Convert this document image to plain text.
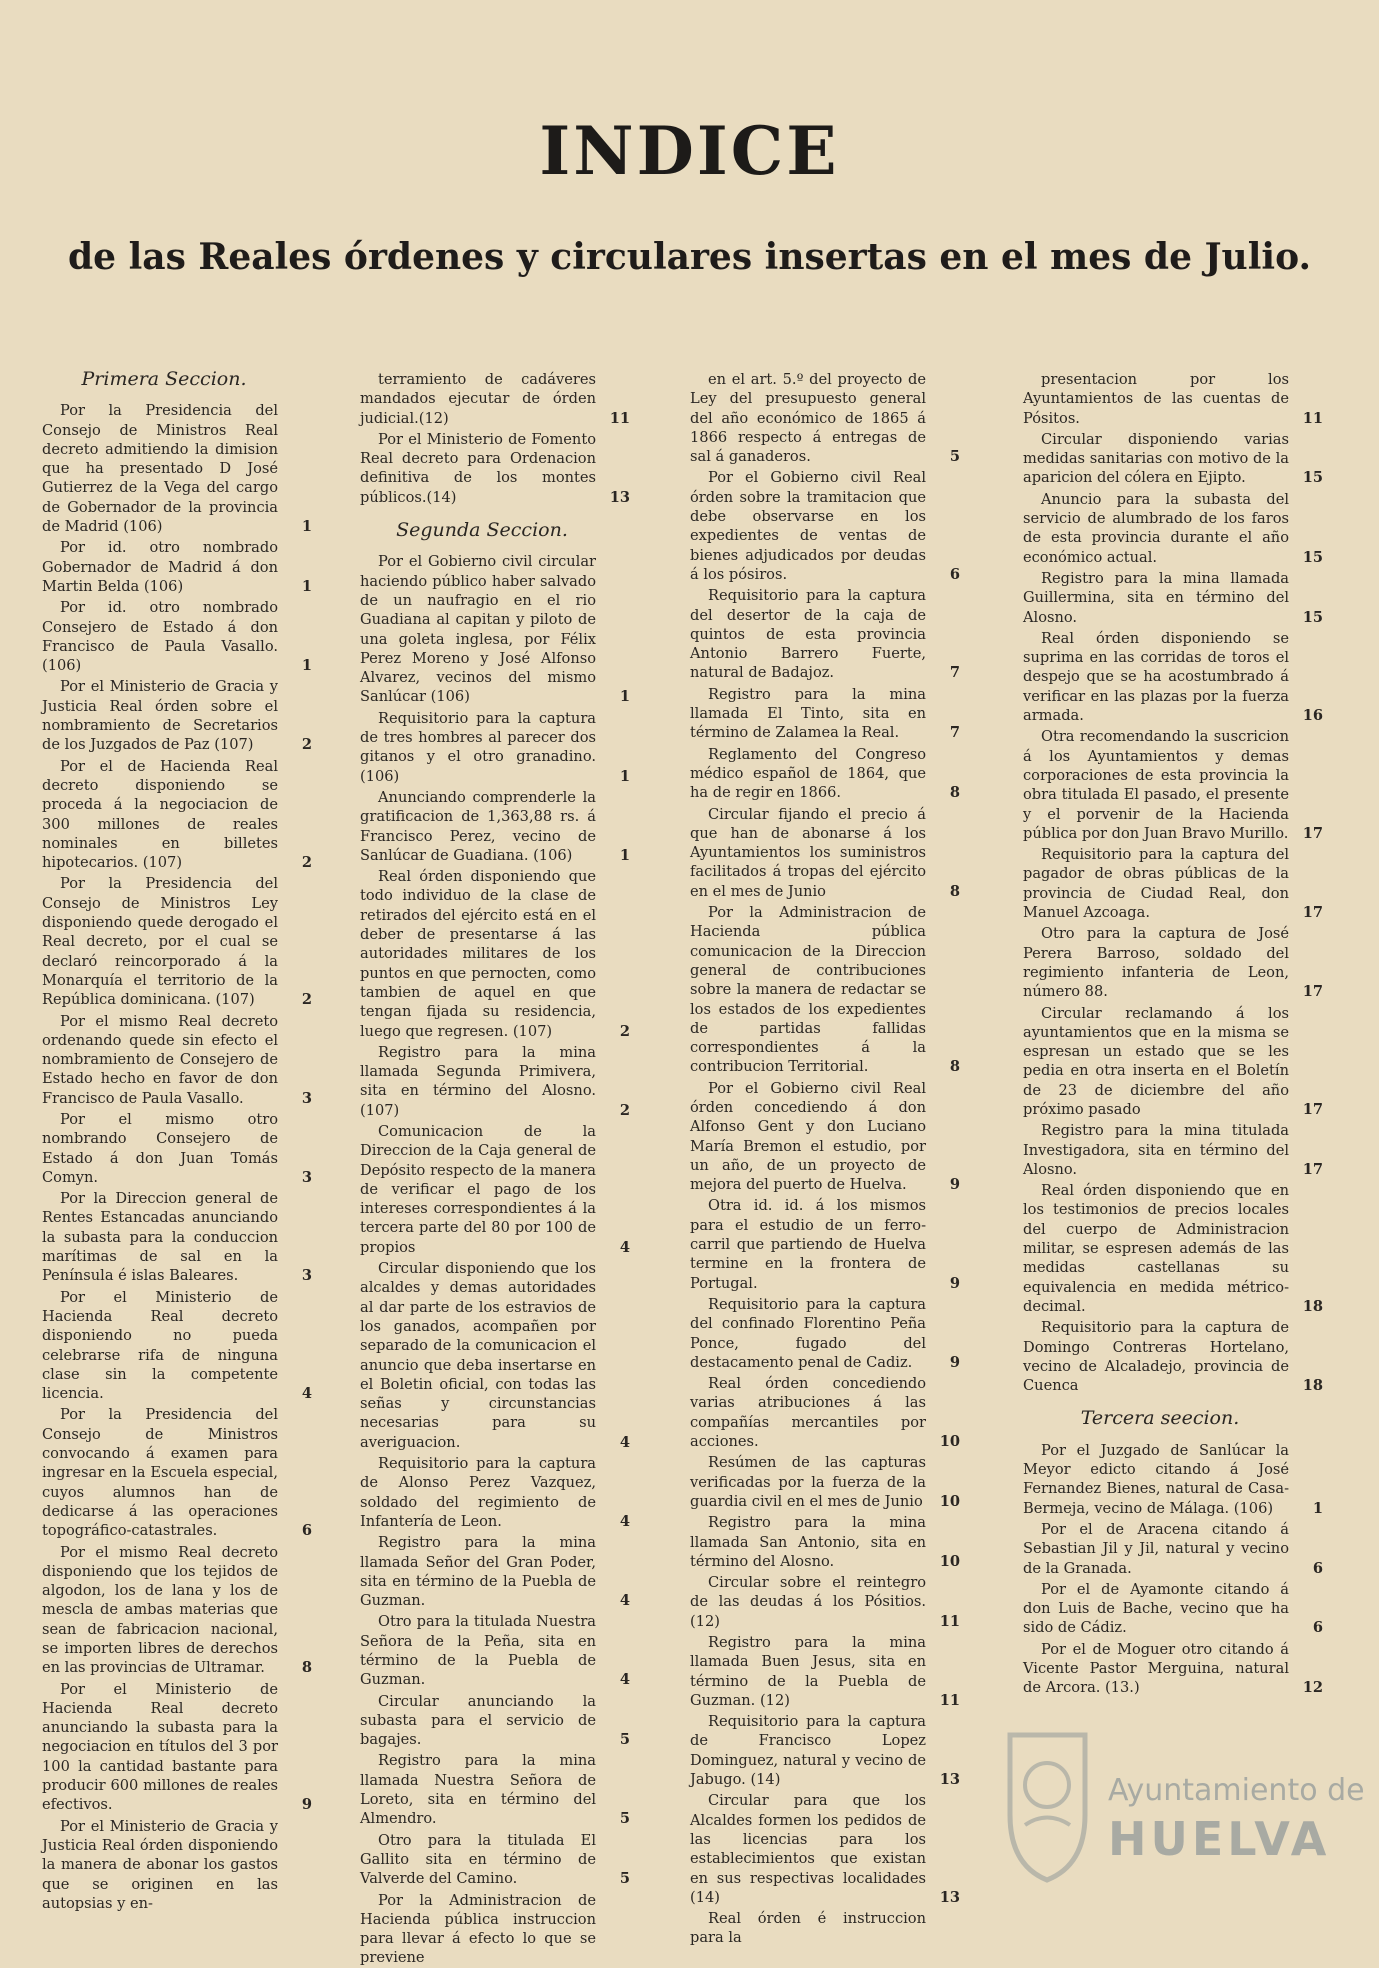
INDICE
de las Reales órdenes y circulares insertas en el mes de Julio.
Primera Seccion.

Por la Presidencia del Consejo de Ministros Real decreto admitiendo la dimision que ha presentado D José Gutierrez de la Vega del cargo de Gobernador de la provincia de Madrid (106)	1

Por id. otro nombrado Gobernador de Madrid á don Martin Belda (106)	1

Por id. otro nombrado Consejero de Estado á don Francisco de Paula Vasallo. (106)	1

Por el Ministerio de Gracia y Justicia Real órden sobre el nombramiento de Secretarios de los Juzgados de Paz (107)	2

Por el de Hacienda Real decreto disponiendo se proceda á la negociacion de 300 millones de reales nominales en billetes hipotecarios. (107)	2

Por la Presidencia del Consejo de Ministros Ley disponiendo quede derogado el Real decreto, por el cual se declaró reincorporado á la Monarquía el territorio de la República dominicana. (107)	2

Por el mismo Real decreto ordenando quede sin efecto el nombramiento de Consejero de Estado hecho en favor de don Francisco de Paula Vasallo.	3

Por el mismo otro nombrando Consejero de Estado á don Juan Tomás Comyn.	3

Por la Direccion general de Rentes Estancadas anunciando la subasta para la conduccion marítimas de sal en la Península é islas Baleares.	3

Por el Ministerio de Hacienda Real decreto disponiendo no pueda celebrarse rifa de ninguna clase sin la competente licencia.	4

Por la Presidencia del Consejo de Ministros convocando á examen para ingresar en la Escuela especial, cuyos alumnos han de dedicarse á las operaciones topográfico-catastrales.	6

Por el mismo Real decreto disponiendo que los tejidos de algodon, los de lana y los de mescla de ambas materias que sean de fabricacion nacional, se importen libres de derechos en las provincias de Ultramar.	8

Por el Ministerio de Hacienda Real decreto anunciando la subasta para la negociacion en títulos del 3 por 100 la cantidad bastante para producir 600 millones de reales efectivos.	9

Por el Ministerio de Gracia y Justicia Real órden disponiendo la manera de abonar los gastos que se originen en las autopsias y en-

terramiento de cadáveres mandados ejecutar de órden judicial.(12)	11

Por el Ministerio de Fomento Real decreto para Ordenacion definitiva de los montes públicos.(14)	13
Segunda Seccion.

Por el Gobierno civil circular haciendo público haber salvado de un naufragio en el rio Guadiana al capitan y piloto de una goleta inglesa, por Félix Perez Moreno y José Alfonso Alvarez, vecinos del mismo Sanlúcar (106)	1

Requisitorio para la captura de tres hombres al parecer dos gitanos y el otro granadino. (106)	1

Anunciando comprenderle la gratificacion de 1,363,88 rs. á Francisco Perez, vecino de Sanlúcar de Guadiana. (106)	1

Real órden disponiendo que todo individuo de la clase de retirados del ejército está en el deber de presentarse á las autoridades militares de los puntos en que pernocten, como tambien de aquel en que tengan fijada su residencia, luego que regresen. (107)	2

Registro para la mina llamada Segunda Primivera, sita en término del Alosno. (107)	2

Comunicacion de la Direccion de la Caja general de Depósito respecto de la manera de verificar el pago de los intereses correspondientes á la tercera parte del 80 por 100 de propios	4

Circular disponiendo que los alcaldes y demas autoridades al dar parte de los estravios de los ganados, acompañen por separado de la comunicacion el anuncio que deba insertarse en el Boletin oficial, con todas las señas y circunstancias necesarias para su averiguacion.	4

Requisitorio para la captura de Alonso Perez Vazquez, soldado del regimiento de Infantería de Leon.	4

Registro para la mina llamada Señor del Gran Poder, sita en término de la Puebla de Guzman.	4

Otro para la titulada Nuestra Señora de la Peña, sita en término de la Puebla de Guzman.	4

Circular anunciando la subasta para el servicio de bagajes.	5

Registro para la mina llamada Nuestra Señora de Loreto, sita en término del Almendro.	5

Otro para la titulada El Gallito sita en término de Valverde del Camino.	5

Por la Administracion de Hacienda pública instruccion para llevar á efecto lo que se previene

en el art. 5.º del proyecto de Ley del presupuesto general del año económico de 1865 á 1866 respecto á entregas de sal á ganaderos.	5

Por el Gobierno civil Real órden sobre la tramitacion que debe observarse en los expedientes de ventas de bienes adjudicados por deudas á los pósiros.	6

Requisitorio para la captura del desertor de la caja de quintos de esta provincia Antonio Barrero Fuerte, natural de Badajoz.	7

Registro para la mina llamada El Tinto, sita en término de Zalamea la Real.	7

Reglamento del Congreso médico español de 1864, que ha de regir en 1866.	8

Circular fijando el precio á que han de abonarse á los Ayuntamientos los suministros facilitados á tropas del ejército en el mes de Junio	8

Por la Administracion de Hacienda pública comunicacion de la Direccion general de contribuciones sobre la manera de redactar se los estados de los expedientes de partidas fallidas correspondientes á la contribucion Territorial.	8

Por el Gobierno civil Real órden concediendo á don Alfonso Gent y don Luciano María Bremon el estudio, por un año, de un proyecto de mejora del puerto de Huelva.	9

Otra id. id. á los mismos para el estudio de un ferro-carril que partiendo de Huelva termine en la frontera de Portugal.	9

Requisitorio para la captura del confinado Florentino Peña Ponce, fugado del destacamento penal de Cadiz.	9

Real órden concediendo varias atribuciones á las compañías mercantiles por acciones.	10

Resúmen de las capturas verificadas por la fuerza de la guardia civil en el mes de Junio	10

Registro para la mina llamada San Antonio, sita en término del Alosno.	10

Circular sobre el reintegro de las deudas á los Pósitios. (12)	11

Registro para la mina llamada Buen Jesus, sita en término de la Puebla de Guzman. (12)	11

Requisitorio para la captura de Francisco Lopez Dominguez, natural y vecino de Jabugo. (14)	13

Circular para que los Alcaldes formen los pedidos de las licencias para los establecimientos que existan en sus respectivas localidades (14)	13

Real órden é instruccion para la

presentacion por los Ayuntamientos de las cuentas de Pósitos.	11

Circular disponiendo varias medidas sanitarias con motivo de la aparicion del cólera en Ejipto.	15

Anuncio para la subasta del servicio de alumbrado de los faros de esta provincia durante el año económico actual.	15

Registro para la mina llamada Guillermina, sita en término del Alosno.	15

Real órden disponiendo se suprima en las corridas de toros el despejo que se ha acostumbrado á verificar en las plazas por la fuerza armada.	16

Otra recomendando la suscricion á los Ayuntamientos y demas corporaciones de esta provincia la obra titulada El pasado, el presente y el porvenir de la Hacienda pública por don Juan Bravo Murillo. 17

Requisitorio para la captura del pagador de obras públicas de la provincia de Ciudad Real, don Manuel Azcoaga.	17

Otro para la captura de José Perera Barroso, soldado del regimiento infanteria de Leon, número 88.	17

Circular reclamando á los ayuntamientos que en la misma se espresan un estado que se les pedia en otra inserta en el Boletín de 23 de diciembre del año próximo pasado	17

Registro para la mina titulada Investigadora, sita en término del Alosno.	17

Real órden disponiendo que en los testimonios de precios locales del cuerpo de Administracion militar, se espresen además de las medidas castellanas su equivalencia en medida métrico-decimal.	18

Requisitorio para la captura de Domingo Contreras Hortelano, vecino de Alcaladejo, provincia de Cuenca	18
Tercera seecion.

Por el Juzgado de Sanlúcar la Meyor edicto citando á José Fernandez Bienes, natural de Casa-Bermeja, vecino de Málaga. (106)	1

Por el de Aracena citando á Sebastian Jil y Jil, natural y vecino de la Granada.	6

Por el de Ayamonte citando á don Luis de Bache, vecino que ha sido de Cádiz.	6

Por el de Moguer otro citando á Vicente Pastor Merguina, natural de Arcora. (13.)	12
Ayuntamiento de
HUELVA
